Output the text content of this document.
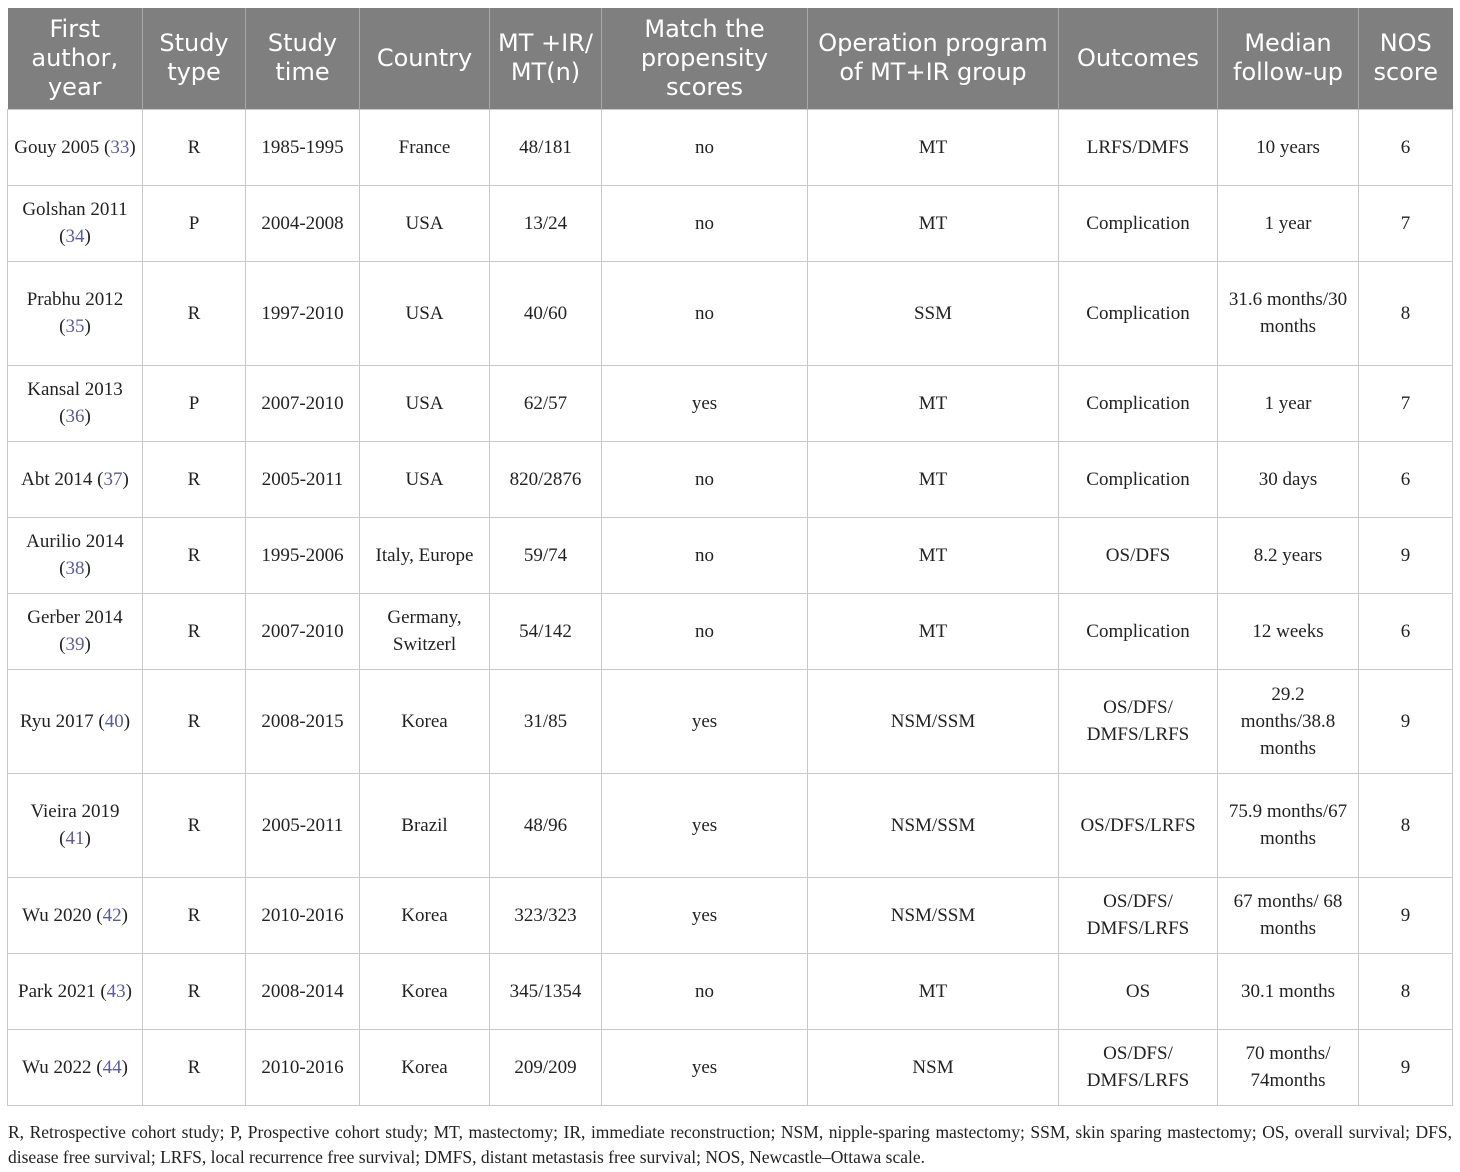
First author, year	Study type	Study time	Country	MT +IR/ MT(n)	Match the propensity scores	Operation program of MT+IR group	Outcomes	Median follow-up	NOS score
Gouy 2005 (33)	R	1985-1995	France	48/181	no	MT	LRFS/DMFS	10 years	6
Golshan 2011 (34)	P	2004-2008	USA	13/24	no	MT	Complication	1 year	7
Prabhu 2012 (35)	R	1997-2010	USA	40/60	no	SSM	Complication	31.6 months/30 months	8
Kansal 2013 (36)	P	2007-2010	USA	62/57	yes	MT	Complication	1 year	7
Abt 2014 (37)	R	2005-2011	USA	820/2876	no	MT	Complication	30 days	6
Aurilio 2014 (38)	R	1995-2006	Italy, Europe	59/74	no	MT	OS/DFS	8.2 years	9
Gerber 2014 (39)	R	2007-2010	Germany, Switzerl	54/142	no	MT	Complication	12 weeks	6
Ryu 2017 (40)	R	2008-2015	Korea	31/85	yes	NSM/SSM	OS/DFS/ DMFS/LRFS	29.2 months/38.8 months	9
Vieira 2019 (41)	R	2005-2011	Brazil	48/96	yes	NSM/SSM	OS/DFS/LRFS	75.9 months/67 months	8
Wu 2020 (42)	R	2010-2016	Korea	323/323	yes	NSM/SSM	OS/DFS/ DMFS/LRFS	67 months/ 68 months	9
Park 2021 (43)	R	2008-2014	Korea	345/1354	no	MT	OS	30.1 months	8
Wu 2022 (44)	R	2010-2016	Korea	209/209	yes	NSM	OS/DFS/ DMFS/LRFS	70 months/ 74months	9
R, Retrospective cohort study; P, Prospective cohort study; MT, mastectomy; IR, immediate reconstruction; NSM, nipple-sparing mastectomy; SSM, skin sparing mastectomy; OS, overall survival; DFS, disease free survival; LRFS, local recurrence free survival; DMFS, distant metastasis free survival; NOS, Newcastle–Ottawa scale.
